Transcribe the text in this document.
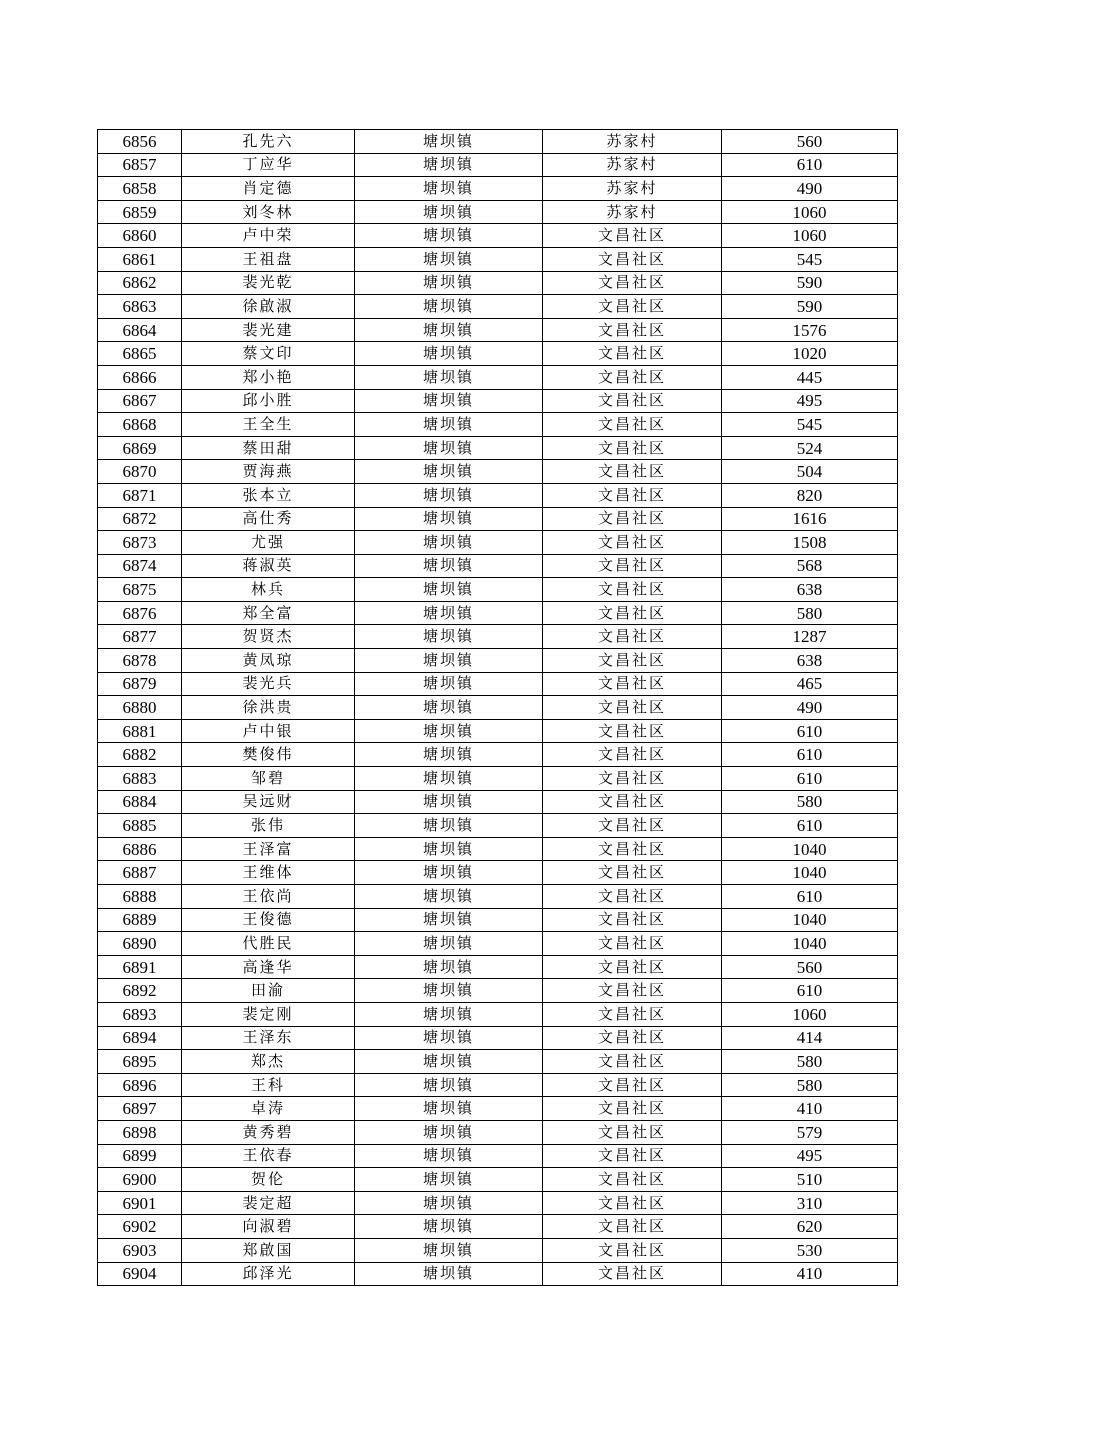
6856	孔先六	塘坝镇	苏家村	560
6857	丁应华	塘坝镇	苏家村	610
6858	肖定德	塘坝镇	苏家村	490
6859	刘冬林	塘坝镇	苏家村	1060
6860	卢中荣	塘坝镇	文昌社区	1060
6861	王祖盘	塘坝镇	文昌社区	545
6862	裴光乾	塘坝镇	文昌社区	590
6863	徐啟淑	塘坝镇	文昌社区	590
6864	裴光建	塘坝镇	文昌社区	1576
6865	蔡文印	塘坝镇	文昌社区	1020
6866	郑小艳	塘坝镇	文昌社区	445
6867	邱小胜	塘坝镇	文昌社区	495
6868	王全生	塘坝镇	文昌社区	545
6869	蔡田甜	塘坝镇	文昌社区	524
6870	贾海燕	塘坝镇	文昌社区	504
6871	张本立	塘坝镇	文昌社区	820
6872	高仕秀	塘坝镇	文昌社区	1616
6873	尤强	塘坝镇	文昌社区	1508
6874	蒋淑英	塘坝镇	文昌社区	568
6875	林兵	塘坝镇	文昌社区	638
6876	郑全富	塘坝镇	文昌社区	580
6877	贺贤杰	塘坝镇	文昌社区	1287
6878	黄凤琼	塘坝镇	文昌社区	638
6879	裴光兵	塘坝镇	文昌社区	465
6880	徐洪贵	塘坝镇	文昌社区	490
6881	卢中银	塘坝镇	文昌社区	610
6882	樊俊伟	塘坝镇	文昌社区	610
6883	邹碧	塘坝镇	文昌社区	610
6884	吴远财	塘坝镇	文昌社区	580
6885	张伟	塘坝镇	文昌社区	610
6886	王泽富	塘坝镇	文昌社区	1040
6887	王维体	塘坝镇	文昌社区	1040
6888	王依尚	塘坝镇	文昌社区	610
6889	王俊德	塘坝镇	文昌社区	1040
6890	代胜民	塘坝镇	文昌社区	1040
6891	高逢华	塘坝镇	文昌社区	560
6892	田渝	塘坝镇	文昌社区	610
6893	裴定刚	塘坝镇	文昌社区	1060
6894	王泽东	塘坝镇	文昌社区	414
6895	郑杰	塘坝镇	文昌社区	580
6896	王科	塘坝镇	文昌社区	580
6897	卓涛	塘坝镇	文昌社区	410
6898	黄秀碧	塘坝镇	文昌社区	579
6899	王依春	塘坝镇	文昌社区	495
6900	贺伦	塘坝镇	文昌社区	510
6901	裴定超	塘坝镇	文昌社区	310
6902	向淑碧	塘坝镇	文昌社区	620
6903	郑啟国	塘坝镇	文昌社区	530
6904	邱泽光	塘坝镇	文昌社区	410
